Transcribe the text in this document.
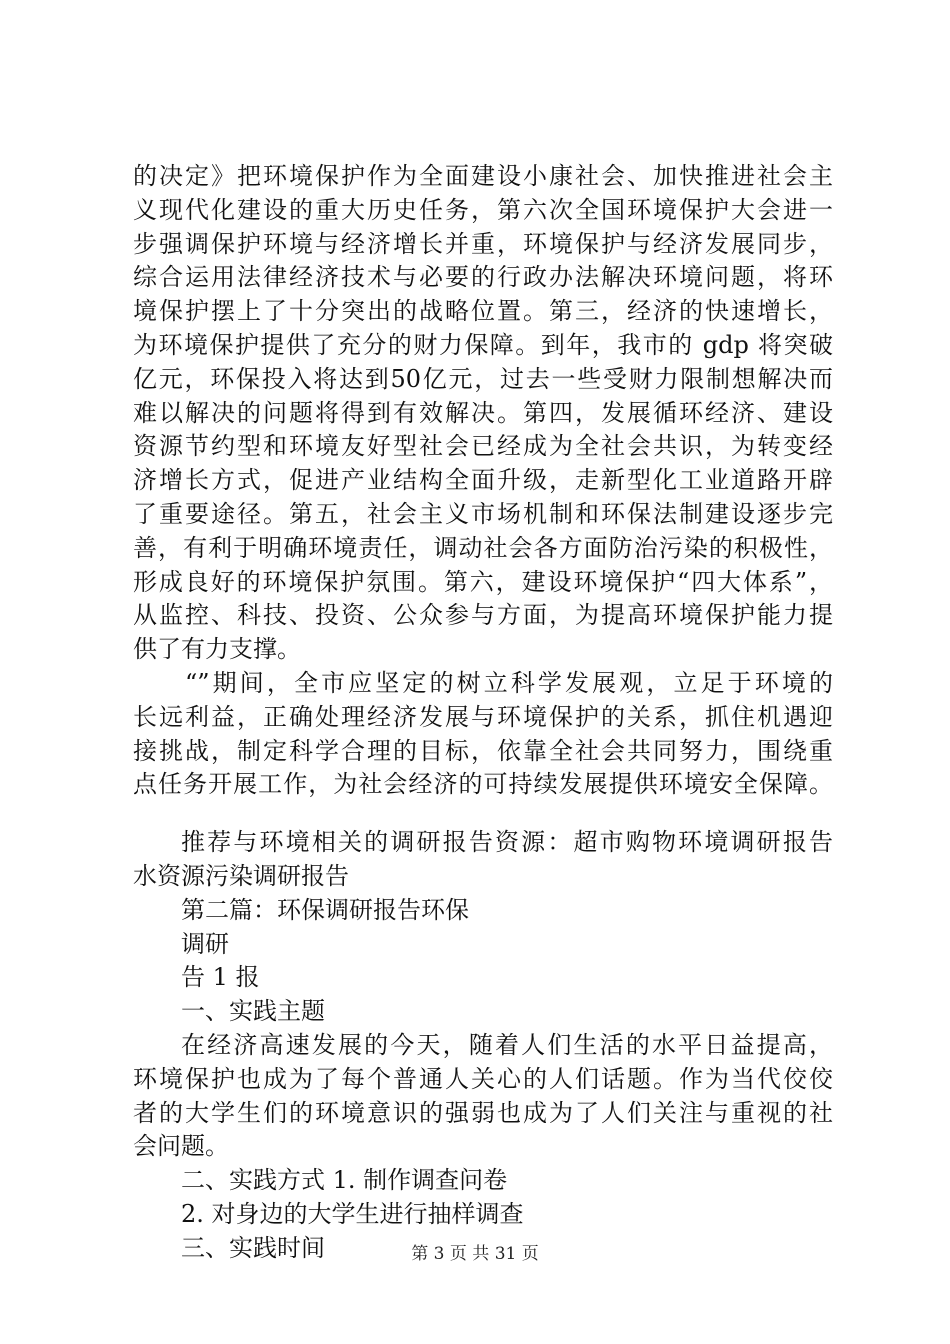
的决定》把环境保护作为全面建设小康社会、加快推进社会主
义现代化建设的重大历史任务，第六次全国环境保护大会进一
步强调保护环境与经济增长并重，环境保护与经济发展同步，
综合运用法律经济技术与必要的行政办法解决环境问题，将环
境保护摆上了十分突出的战略位置。第三，经济的快速增长，
为环境保护提供了充分的财力保障。到年，我市的 gdp 将突破
亿元，环保投入将达到50亿元，过去一些受财力限制想解决而
难以解决的问题将得到有效解决。第四，发展循环经济、建设
资源节约型和环境友好型社会已经成为全社会共识，为转变经
济增长方式，促进产业结构全面升级，走新型化工业道路开辟
了重要途径。第五，社会主义市场机制和环保法制建设逐步完
善，有利于明确环境责任，调动社会各方面防治污染的积极性，
形成良好的环境保护氛围。第六，建设环境保护“四大体系”，
从监控、科技、投资、公众参与方面，为提高环境保护能力提
供了有力支撑。
“”期间，全市应坚定的树立科学发展观，立足于环境的
长远利益，正确处理经济发展与环境保护的关系，抓住机遇迎
接挑战，制定科学合理的目标，依靠全社会共同努力，围绕重
点任务开展工作，为社会经济的可持续发展提供环境安全保障。
推荐与环境相关的调研报告资源：超市购物环境调研报告
水资源污染调研报告
第二篇：环保调研报告环保
调研
告 1 报
一、实践主题
在经济高速发展的今天，随着人们生活的水平日益提高，
环境保护也成为了每个普通人关心的人们话题。作为当代佼佼
者的大学生们的环境意识的强弱也成为了人们关注与重视的社
会问题。
二、实践方式 1. 制作调查问卷
2. 对身边的大学生进行抽样调查
三、实践时间	第 3 页 共 31 页
